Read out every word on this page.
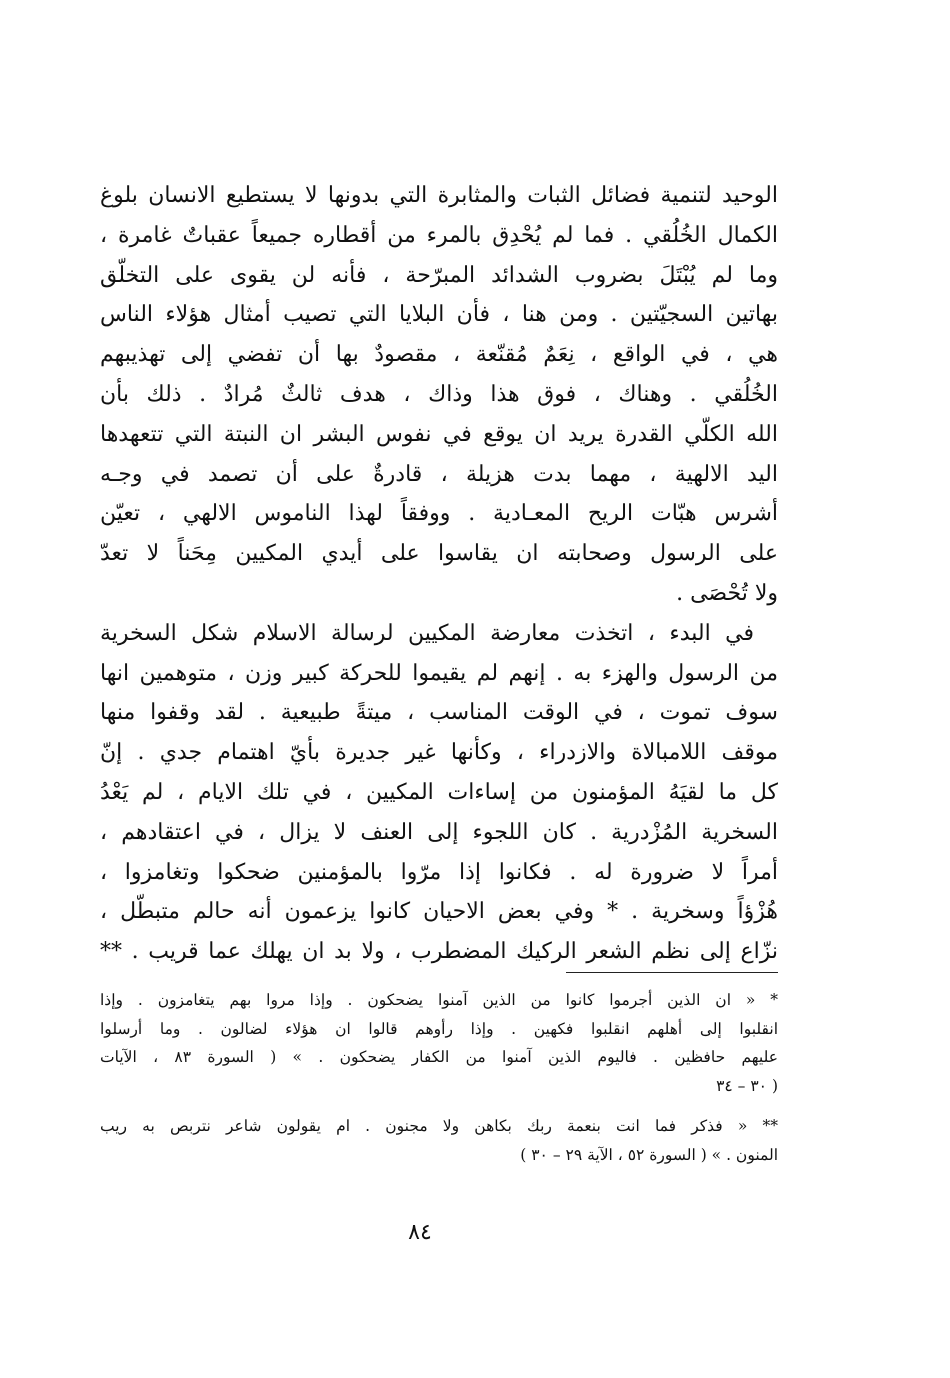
الوحيد لتنمية فضائل الثبات والمثابرة التي بدونها لا يستطيع الانسان بلوغ
الكمال الخُلُقي . فما لم يُحْدِق بالمرء من أقطاره جميعاً عقباتٌ غامرة ،
وما لم يُبْتَلَ بضروب الشدائد المبرّحة ، فأنه لن يقوى على التخلّق
بهاتين السجيّتين . ومن هنا ، فأن البلايا التي تصيب أمثال هؤلاء الناس
هي ، في الواقع ، نِعَمٌ مُقنّعة ، مقصودٌ بها أن تفضي إلى تهذيبهم
الخُلُقي . وهناك ، فوق هذا وذاك ، هدف ثالثٌ مُرادٌ . ذلك بأن
الله الكلّي القدرة يريد ان يوقع في نفوس البشر ان النبتة التي تتعهدها
اليد الالهية ، مهما بدت هزيلة ، قادرةٌ على أن تصمد في وجـه
أشرس هبّات الريح المعـادية . ووفقاً لهذا الناموس الالهي ، تعيّن
على الرسول وصحابته ان يقاسوا على أيدي المكيين مِحَناً لا تعدّ
ولا تُحْصَى .
في البدء ، اتخذت معارضة المكيين لرسالة الاسلام شكل السخرية
من الرسول والهزء به . إنهم لم يقيموا للحركة كبير وزن ، متوهمين انها
سوف تموت ، في الوقت المناسب ، ميتةً طبيعية . لقد وقفوا منها
موقف اللامبالاة والازدراء ، وكأنها غير جديرة بأيّ اهتمام جدي . إنّ
كل ما لقيَهُ المؤمنون من إساءات المكيين ، في تلك الايام ، لم يَعْدُ
السخرية المُزْدرية . كان اللجوء إلى العنف لا يزال ، في اعتقادهم ،
أمراً لا ضرورة له . فكانوا إذا مرّوا بالمؤمنين ضحكوا وتغامزوا ،
هُزْؤاً وسخرية . * وفي بعض الاحيان كانوا يزعمون أنه حالم متبطّل ،
نزّاع إلى نظم الشعر الركيك المضطرب ، ولا بد ان يهلك عما قريب . **
* « ان الذين أجرموا كانوا من الذين آمنوا يضحكون . وإذا مروا بهم يتغامزون . وإذا
انقلبوا إلى أهلهم انقلبوا فكهين . وإذا رأوهم قالوا ان هؤلاء لضالون . وما أرسلوا
عليهم حافظين . فاليوم الذين آمنوا من الكفار يضحكون . » ( السورة ٨٣ ، الآيات
( ٣٠ – ٣٤
** « فذكر فما انت بنعمة ربك بكاهن ولا مجنون . ام يقولون شاعر نتربص به ريب
المنون . » ( السورة ٥٢ ، الآية ٢٩ – ٣٠ )
٨٤
